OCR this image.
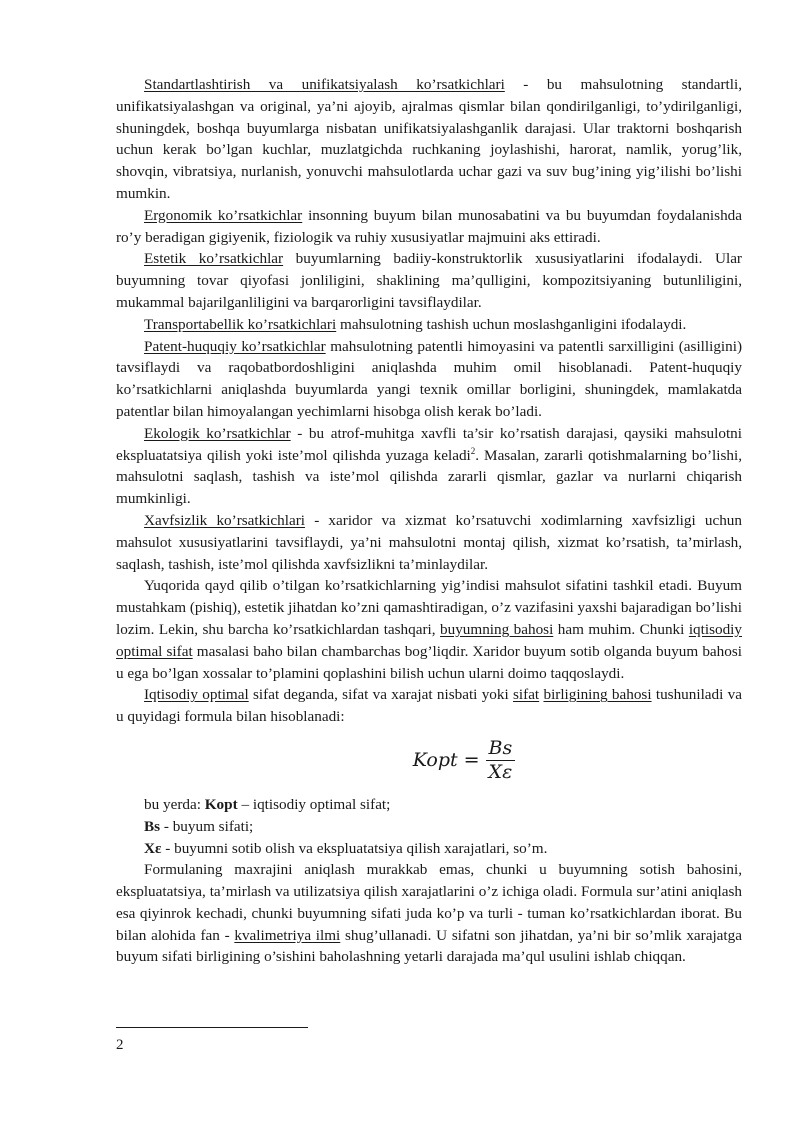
Standartlashtirish va unifikatsiyalash ko’rsatkichlari - bu mahsulotning standartli, unifikatsiyalashgan va original, ya’ni ajoyib, ajralmas qismlar bilan qondirilganligi, to’ydirilganligi, shuningdek, boshqa buyumlarga nisbatan unifikatsiyalashganlik darajasi. Ular traktorni boshqarish uchun kerak bo’lgan kuchlar, muzlatgichda ruchkaning joylashishi, harorat, namlik, yorug’lik, shovqin, vibratsiya, nurlanish, yonuvchi mahsulotlarda uchar gazi va suv bug’ining yig’ilishi bo’lishi mumkin.

Ergonomik ko’rsatkichlar insonning buyum bilan munosabatini va bu buyumdan foydalanishda ro’y beradigan gigiyenik, fiziologik va ruhiy xususiyatlar majmuini aks ettiradi.

Estetik ko’rsatkichlar buyumlarning badiiy-konstruktorlik xususiyatlarini ifodalaydi. Ular buyumning tovar qiyofasi jonliligini, shaklining ma’qulligini, kompozitsiyaning butunliligini, mukammal bajarilganliligini va barqarorligini tavsiflaydilar.

Transportabellik ko’rsatkichlari mahsulotning tashish uchun moslashganligini ifodalaydi.

Patent-huquqiy ko’rsatkichlar mahsulotning patentli himoyasini va patentli sarxilligini (asilligini) tavsiflaydi va raqobatbordoshligini aniqlashda muhim omil hisoblanadi. Patent-huquqiy ko’rsatkichlarni aniqlashda buyumlarda yangi texnik omillar borligini, shuningdek, mamlakatda patentlar bilan himoyalangan yechimlarni hisobga olish kerak bo’ladi.

Ekologik ko’rsatkichlar - bu atrof-muhitga xavfli ta’sir ko’rsatish darajasi, qaysiki mahsulotni ekspluatatsiya qilish yoki iste’mol qilishda yuzaga keladi$^2$. Masalan, zararli qotishmalarning bo’lishi, mahsulotni saqlash, tashish va iste’mol qilishda zararli qismlar, gazlar va nurlarni chiqarish mumkinligi.

Xavfsizlik ko’rsatkichlari - xaridor va xizmat ko’rsatuvchi xodimlarning xavfsizligi uchun mahsulot xususiyatlarini tavsiflaydi, ya’ni mahsulotni montaj qilish, xizmat ko’rsatish, ta’mirlash, saqlash, tashish, iste’mol qilishda xavfsizlikni ta’minlaydilar.

Yuqorida qayd qilib o’tilgan ko’rsatkichlarning yig’indisi mahsulot sifatini tashkil etadi. Buyum mustahkam (pishiq), estetik jihatdan ko’zni qamashtiradigan, o’z vazifasini yaxshi bajaradigan bo’lishi lozim. Lekin, shu barcha ko’rsatkichlardan tashqari, buyumning bahosi ham muhim. Chunki iqtisodiy optimal sifat masalasi baho bilan chambarchas bog’liqdir. Xaridor buyum sotib olganda buyum bahosi u ega bo’lgan xossalar to’plamini qoplashini bilish uchun ularni doimo taqqoslaydi.

Iqtisodiy optimal sifat deganda, sifat va xarajat nisbati yoki sifat birligining bahosi tushuniladi va u quyidagi formula bilan hisoblanadi:

Kopt = $\frac{Bs}{X\varepsilon}$

bu yerda: Kopt – iqtisodiy optimal sifat;

Bs - buyum sifati;

Xε - buyumni sotib olish va ekspluatatsiya qilish xarajatlari, so’m.

Formulaning maxrajini aniqlash murakkab emas, chunki u buyumning sotish bahosini, ekspluatatsiya, ta’mirlash va utilizatsiya qilish xarajatlarini o’z ichiga oladi. Formula sur’atini aniqlash esa qiyinrok kechadi, chunki buyumning sifati juda ko’p va turli - tuman ko’rsatkichlardan iborat. Bu bilan alohida fan - kvalimetriya ilmi shug’ullanadi. U sifatni son jihatdan, ya’ni bir so’mlik xarajatga buyum sifati birligining o’sishini baholashning yetarli darajada ma’qul usulini ishlab chiqqan.

2
